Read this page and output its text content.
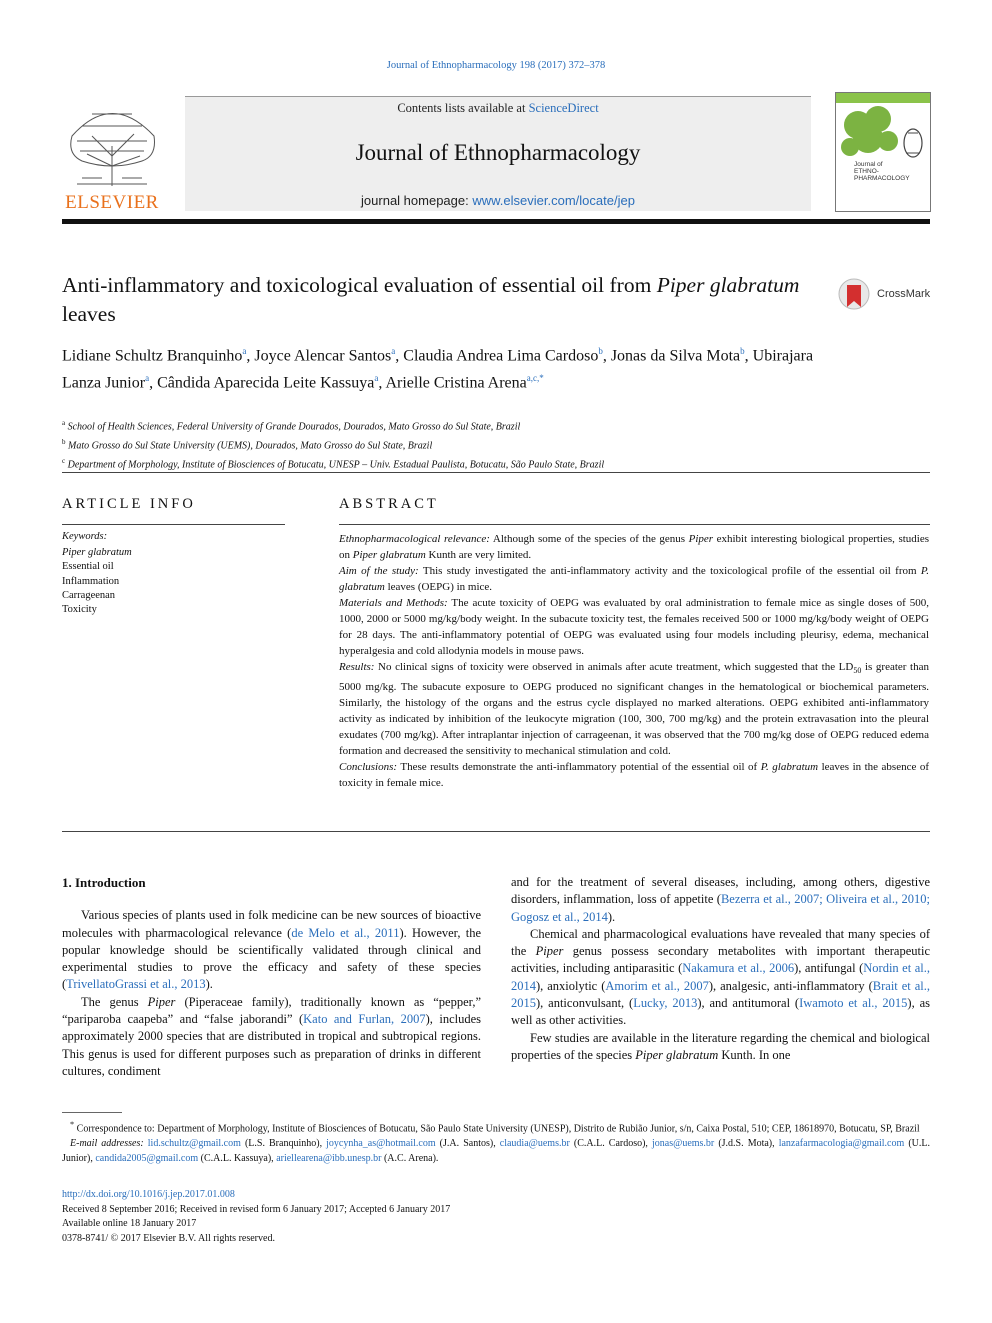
Journal of Ethnopharmacology 198 (2017) 372–378
ELSEVIER
Contents lists available at ScienceDirect
Journal of Ethnopharmacology
journal homepage: www.elsevier.com/locate/jep
Journal of
ETHNO-
PHARMACOLOGY
Anti-inflammatory and toxicological evaluation of essential oil from Piper glabratum leaves
CrossMark
Lidiane Schultz Branquinho$^a$, Joyce Alencar Santos$^a$, Claudia Andrea Lima Cardoso$^b$, Jonas da Silva Mota$^b$, Ubirajara Lanza Junior$^a$, Cândida Aparecida Leite Kassuya$^a$, Arielle Cristina Arena$^{a,c,*}$
$^a$ School of Health Sciences, Federal University of Grande Dourados, Dourados, Mato Grosso do Sul State, Brazil
$^b$ Mato Grosso do Sul State University (UEMS), Dourados, Mato Grosso do Sul State, Brazil
$^c$ Department of Morphology, Institute of Biosciences of Botucatu, UNESP – Univ. Estadual Paulista, Botucatu, São Paulo State, Brazil
ARTICLE INFO
Keywords:
Piper glabratum
Essential oil
Inflammation
Carrageenan
Toxicity
ABSTRACT

Ethnopharmacological relevance: Although some of the species of the genus Piper exhibit interesting biological properties, studies on Piper glabratum Kunth are very limited.

Aim of the study: This study investigated the anti-inflammatory activity and the toxicological profile of the essential oil from P. glabratum leaves (OEPG) in mice.

Materials and Methods: The acute toxicity of OEPG was evaluated by oral administration to female mice as single doses of 500, 1000, 2000 or 5000 mg/kg/body weight. In the subacute toxicity test, the females received 500 or 1000 mg/kg/body weight of OEPG for 28 days. The anti-inflammatory potential of OEPG was evaluated using four models including pleurisy, edema, mechanical hyperalgesia and cold allodynia models in mouse paws.

Results: No clinical signs of toxicity were observed in animals after acute treatment, which suggested that the $LD_{50}$ is greater than 5000 mg/kg. The subacute exposure to OEPG produced no significant changes in the hematological or biochemical parameters. Similarly, the histology of the organs and the estrus cycle displayed no marked alterations. OEPG exhibited anti-inflammatory activity as indicated by inhibition of the leukocyte migration (100, 300, 700 mg/kg) and the protein extravasation into the pleural exudates (700 mg/kg). After intraplantar injection of carrageenan, it was observed that the 700 mg/kg dose of OEPG reduced edema formation and decreased the sensitivity to mechanical stimulation and cold.

Conclusions: These results demonstrate the anti-inflammatory potential of the essential oil of P. glabratum leaves in the absence of toxicity in female mice.

1. Introduction

Various species of plants used in folk medicine can be new sources of bioactive molecules with pharmacological relevance (de Melo et al., 2011). However, the popular knowledge should be scientifically validated through clinical and experimental studies to prove the efficacy and safety of these species (TrivellatoGrassi et al., 2013).

The genus Piper (Piperaceae family), traditionally known as “pepper,” “pariparoba caapeba” and “false jaborandi” (Kato and Furlan, 2007), includes approximately 2000 species that are distributed in tropical and subtropical regions. This genus is used for different purposes such as preparation of drinks in different cultures, condiment

and for the treatment of several diseases, including, among others, digestive disorders, inflammation, loss of appetite (Bezerra et al., 2007; Oliveira et al., 2010; Gogosz et al., 2014).

Chemical and pharmacological evaluations have revealed that many species of the Piper genus possess secondary metabolites with important therapeutic activities, including antiparasitic (Nakamura et al., 2006), antifungal (Nordin et al., 2014), anxiolytic (Amorim et al., 2007), analgesic, anti-inflammatory (Brait et al., 2015), anticonvulsant, (Lucky, 2013), and antitumoral (Iwamoto et al., 2015), as well as other activities.

Few studies are available in the literature regarding the chemical and biological properties of the species Piper glabratum Kunth. In one

* Correspondence to: Department of Morphology, Institute of Biosciences of Botucatu, São Paulo State University (UNESP), Distrito de Rubião Junior, s/n, Caixa Postal, 510; CEP, 18618970, Botucatu, SP, Brazil

E-mail addresses: lid.schultz@gmail.com (L.S. Branquinho), joycynha_as@hotmail.com (J.A. Santos), claudia@uems.br (C.A.L. Cardoso), jonas@uems.br (J.d.S. Mota), lanzafarmacologia@gmail.com (U.L. Junior), candida2005@gmail.com (C.A.L. Kassuya), ariellearena@ibb.unesp.br (A.C. Arena).

http://dx.doi.org/10.1016/j.jep.2017.01.008
Received 8 September 2016; Received in revised form 6 January 2017; Accepted 6 January 2017
Available online 18 January 2017
0378-8741/ © 2017 Elsevier B.V. All rights reserved.
